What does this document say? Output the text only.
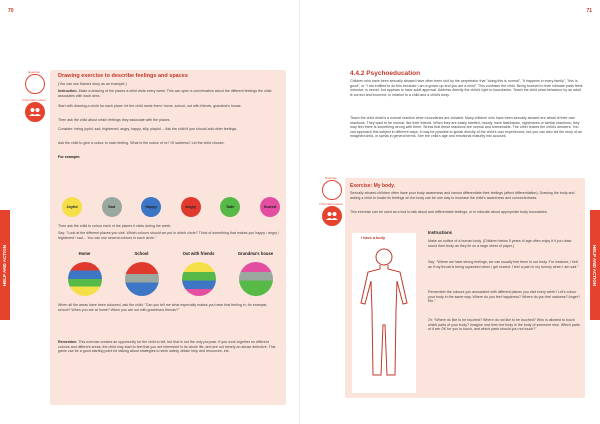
70
HELP AND ACTION
Exercise
Information sheet
Drawing exercise to describe feelings and spaces

(You can use Maria's story as an example.)

Instruction. Make a drawing of the places a child visits every week. This can open a conversation about the different feelings the child associates with each area.

Start with drawing a circle for each place: let the child name them: home, school, out with friends, grandma's house.

Then ask the child about which feelings they associate with the places.

Consider: being joyful, sad, frightened, angry, happy, silly, playful… Ask the child if you should add other feelings.

Ask the child to give a colour to each feeling. What is the colour of xx? Of sadness? Let the child choose.

For example:

Joyful	Sad	Happy	Angry	Safe	Scared

Then ask the child to colour each of the places it visits during the week.

Say: "Look at the different places you visit. Which colours should we put in which circle? Think of something that makes you happy / angry / frightened / sad… You can use several colours in each circle."

Home	School	Out with friends	Grandma's house

When all the areas have been coloured, ask the child: "Can you tell me what especially makes you have that feeling in, for example, school? When you are at home? When you are out with grandma's friends?"

Remember. This exercise creates an opportunity for the child to tell, but that is not the only purpose. If you work together on different colours and different areas, the child may start to feel that you are interested in its whole life, and are not merely an abuse detective. This game can be a good starting point for talking about strategies to seek safety, obtain help and resources, etc.

71
HELP AND ACTION
4.4.2 Psychoeducation

Children who have been sexually abused have often been told by the perpetrator that "doing this is normal", "it happens in every family", "this is good", or "I am entitled to do this because I am a grown-up and you are a child". This confuses the child. Being touched in their intimate parts feels intrusive, is secret, but appears to have adult approval. Address directly the child's right to boundaries. Teach the child what behaviour by an adult is correct and incorrect, in relation to a child and a child's body.

Teach the child what is a normal reaction when boundaries are violated. Many children who have been sexually abused are afraid of their own reactions. They want to be normal, like their friends. When they are easily startled, moody, have flashbacks, nightmares or similar reactions, they may feel there is something wrong with them. Stress that these reactions are normal and foreseeable. The other leaves the child's answers. You can approach this subject in different ways. It may be possible to speak directly of the child's own experiences, but you can also tell the story of an imagined child, or speak in general terms. See the child's age and emotional maturity into account.

Exercise
Information sheet
Exercise: My body.

Sexually abused children often have poor body awareness and cannot differentiate their feelings (affect differentiation). Drawing the body and asking a child to locate its feelings on the body can be one way to increase the child's awareness and connectedness.

This exercise can be used as a tool to talk about and differentiate feelings, or to educate about appropriate body boundaries.

I have a body
Instructions

Make an outline of a human body. (Children below 5 years of age often enjoy it if you draw round their body as they lie on a large sheet of paper.)

Say: "Where we have strong feelings, we can usually feel them in our body. For instance, I feel as if my throat is being squeezed when I get scared. I feel a pain in my tummy when I am sad."

Remember the colours you associated with different places you visit every week? Let's colour your body in the same way. Where do you feel happiness? Where do you feel sadness? Anger? Etc."

Or: "Where do like to be touched? Where do not like to be touched? Who is allowed to touch which parts of your body? Imagine now then the body is the body of someone else. Which parts of it are OK for you to touch, and which parts should you not touch?"
